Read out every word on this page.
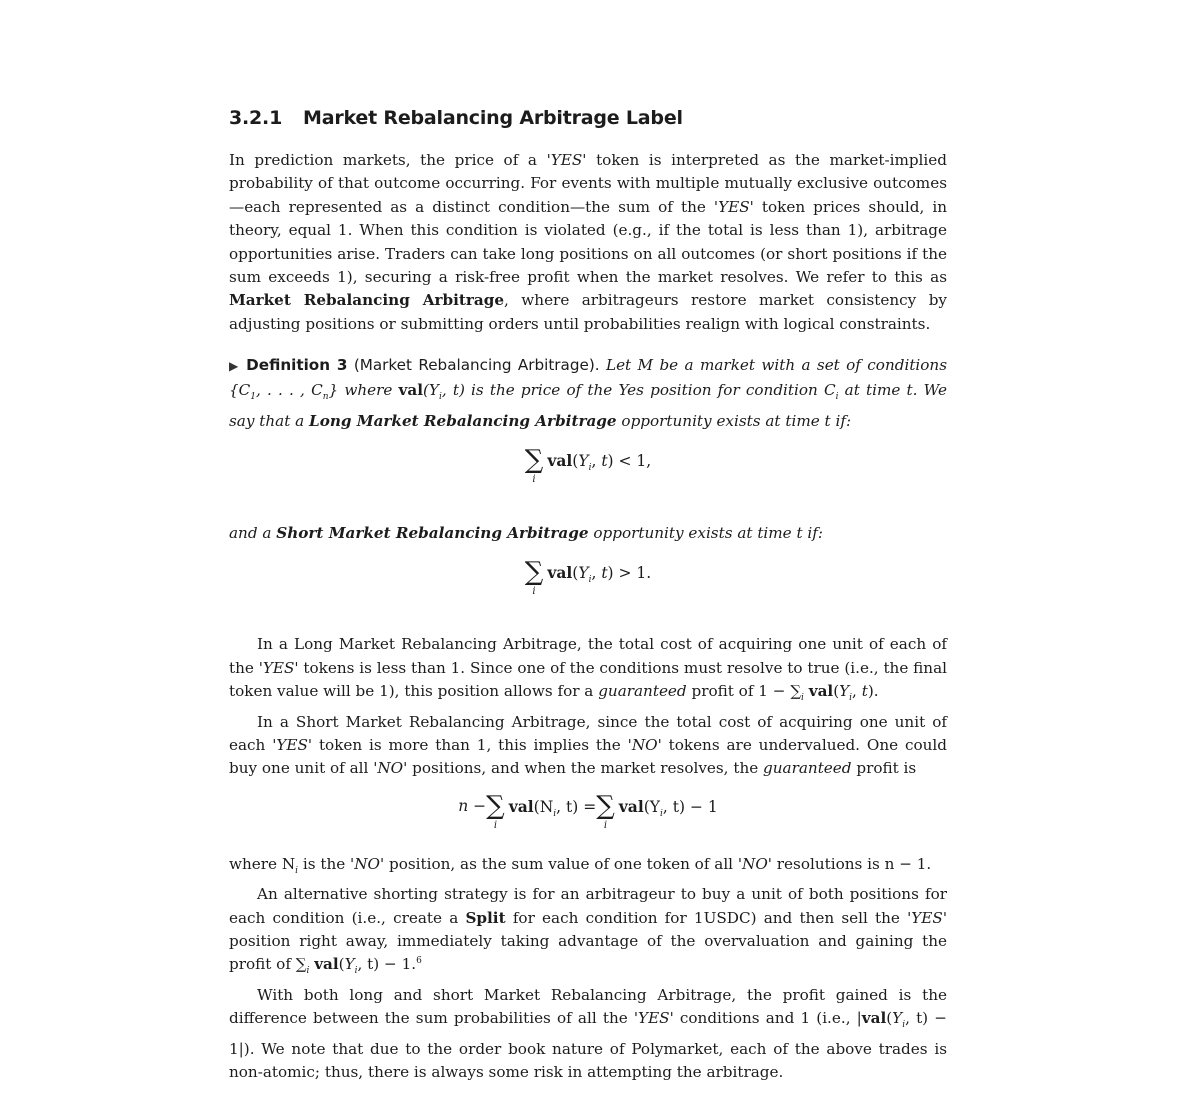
3.2.1 Market Rebalancing Arbitrage Label

In prediction markets, the price of a 'YES' token is interpreted as the market-implied probability of that outcome occurring. For events with multiple mutually exclusive outcomes—each represented as a distinct condition—the sum of the 'YES' token prices should, in theory, equal 1. When this condition is violated (e.g., if the total is less than 1), arbitrage opportunities arise. Traders can take long positions on all outcomes (or short positions if the sum exceeds 1), securing a risk-free profit when the market resolves. We refer to this as Market Rebalancing Arbitrage, where arbitrageurs restore market consistency by adjusting positions or submitting orders until probabilities realign with logical constraints.

▶ Definition 3 (Market Rebalancing Arbitrage). Let M be a market with a set of conditions {$C_1$, . . . , $C_n$} where $val(Y_i$, t) is the price of the Yes position for condition $C_i$ at time t. We say that a Long Market Rebalancing Arbitrage opportunity exists at time t if:
∑
i
$val(Y_i$, t) < 1,
and a Short Market Rebalancing Arbitrage opportunity exists at time t if:
∑
i
$val(Y_i$, t) > 1.

In a Long Market Rebalancing Arbitrage, the total cost of acquiring one unit of each of the 'YES' tokens is less than 1. Since one of the conditions must resolve to true (i.e., the final token value will be 1), this position allows for a guaranteed profit of $1 - \sum_i$ $val(Y_i$, t).

In a Short Market Rebalancing Arbitrage, since the total cost of acquiring one unit of each 'YES' token is more than 1, this implies the 'NO' tokens are undervalued. One could buy one unit of all 'NO' positions, and when the market resolves, the guaranteed profit is

n − ∑
i
$val(N_i$, t) = ∑
i
$val(Y_i$, t) − 1

where $N_i$ is the 'NO' position, as the sum value of one token of all 'NO' resolutions is n − 1.

An alternative shorting strategy is for an arbitrageur to buy a unit of both positions for each condition (i.e., create a Split for each condition for 1USDC) and then sell the 'YES' position right away, immediately taking advantage of the overvaluation and gaining the profit of $\sum_i$ $val(Y_i$, t) − 1.$^6$

With both long and short Market Rebalancing Arbitrage, the profit gained is the difference between the sum probabilities of all the 'YES' conditions and 1 (i.e., $|val(Y_i$, t) − 1|). We note that due to the order book nature of Polymarket, each of the above trades is non-atomic; thus, there is always some risk in attempting the arbitrage.
